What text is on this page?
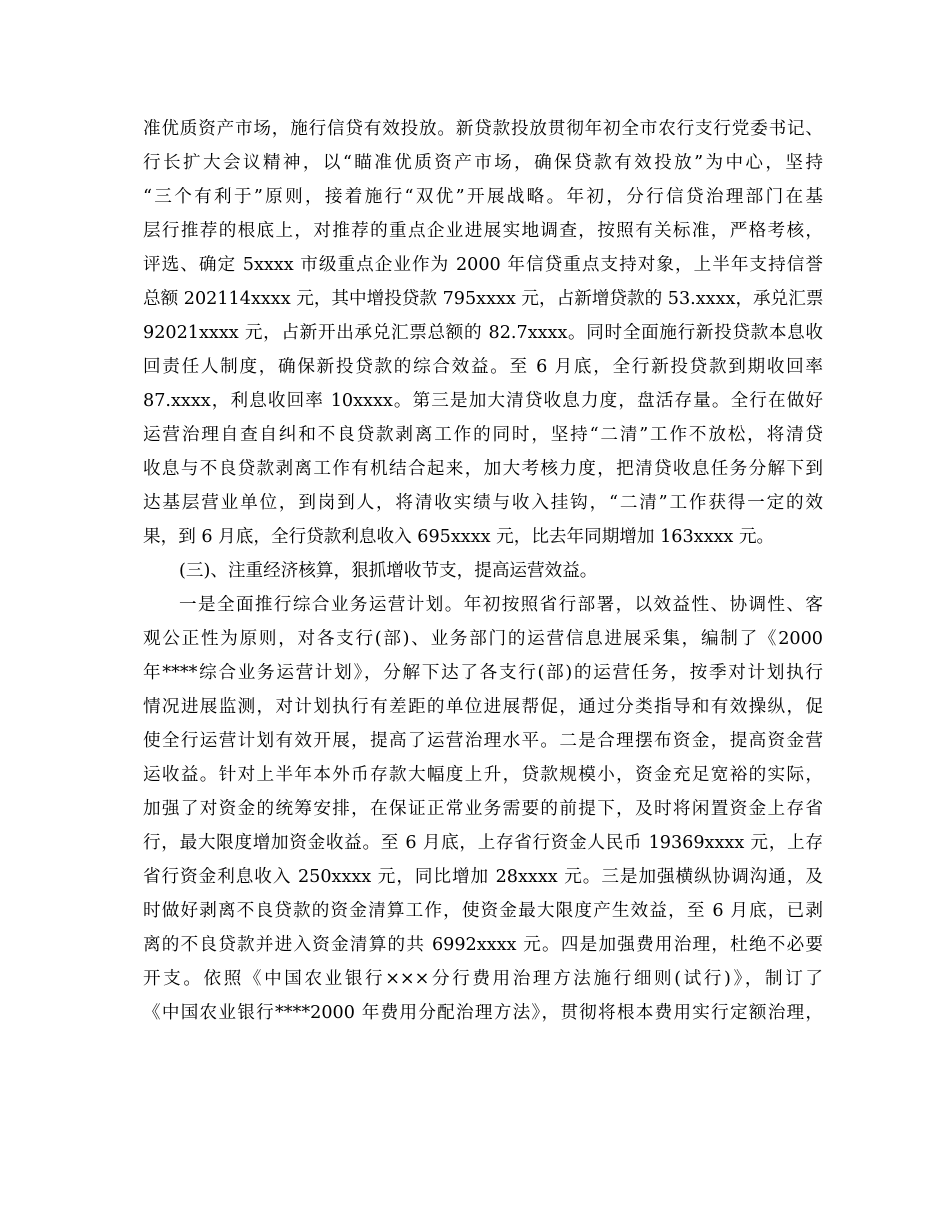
准优质资产市场，施行信贷有效投放。新贷款投放贯彻年初全市农行支行党委书记、
行长扩大会议精神，以“瞄准优质资产市场，确保贷款有效投放”为中心，坚持
“三个有利于”原则，接着施行“双优”开展战略。年初，分行信贷治理部门在基
层行推荐的根底上，对推荐的重点企业进展实地调查，按照有关标准，严格考核，
评选、确定 5xxxx 市级重点企业作为 2000 年信贷重点支持对象，上半年支持信誉
总额 202114xxxx 元，其中增投贷款 795xxxx 元，占新增贷款的 53.xxxx，承兑汇票
92021xxxx 元，占新开出承兑汇票总额的 82.7xxxx。同时全面施行新投贷款本息收
回责任人制度，确保新投贷款的综合效益。至 6 月底，全行新投贷款到期收回率
87.xxxx，利息收回率 10xxxx。第三是加大清贷收息力度，盘活存量。全行在做好
运营治理自查自纠和不良贷款剥离工作的同时，坚持“二清”工作不放松，将清贷
收息与不良贷款剥离工作有机结合起来，加大考核力度，把清贷收息任务分解下到
达基层营业单位，到岗到人，将清收实绩与收入挂钩，“二清”工作获得一定的效
果，到 6 月底，全行贷款利息收入 695xxxx 元，比去年同期增加 163xxxx 元。
(三)、注重经济核算，狠抓增收节支，提高运营效益。
一是全面推行综合业务运营计划。年初按照省行部署，以效益性、协调性、客
观公正性为原则，对各支行(部)、业务部门的运营信息进展采集，编制了《2000
年****综合业务运营计划》，分解下达了各支行(部)的运营任务，按季对计划执行
情况进展监测，对计划执行有差距的单位进展帮促，通过分类指导和有效操纵，促
使全行运营计划有效开展，提高了运营治理水平。二是合理摆布资金，提高资金营
运收益。针对上半年本外币存款大幅度上升，贷款规模小，资金充足宽裕的实际，
加强了对资金的统筹安排，在保证正常业务需要的前提下，及时将闲置资金上存省
行，最大限度增加资金收益。至 6 月底，上存省行资金人民币 19369xxxx 元，上存
省行资金利息收入 250xxxx 元，同比增加 28xxxx 元。三是加强横纵协调沟通，及
时做好剥离不良贷款的资金清算工作，使资金最大限度产生效益，至 6 月底，已剥
离的不良贷款并进入资金清算的共 6992xxxx 元。四是加强费用治理，杜绝不必要
开支。依照《中国农业银行×××分行费用治理方法施行细则(试行)》，制订了
《中国农业银行****2000 年费用分配治理方法》，贯彻将根本费用实行定额治理，
